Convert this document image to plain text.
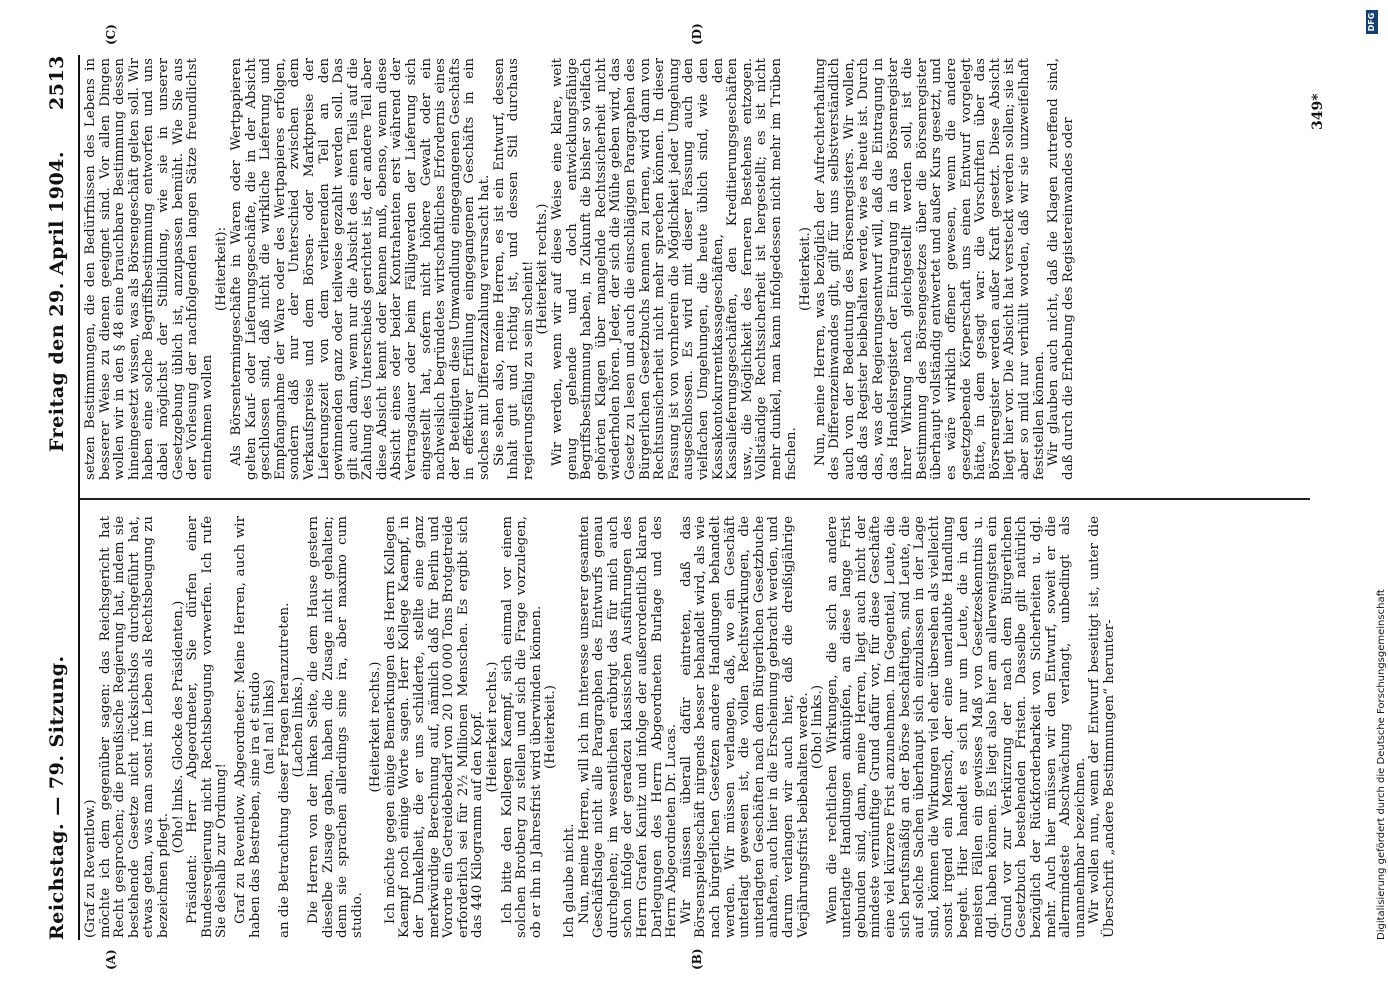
Reichstag. — 79. Sitzung.
Freitag den 29. April 1904.
2513
(A)	(B)
(C)	(D)

(Graf zu Reventlow.) möchte ich dem gegenüber sagen: das Reichsgericht hat Recht gesprochen; die preußische Regierung hat, indem sie bestehende Gesetze nicht rücksichtslos durchgeführt hat, etwas getan, was man sonst im Leben als Rechtsbeugung zu bezeichnen pflegt.

(Oho! links. Glocke des Präsidenten.) Präsident: Herr Abgeordneter, Sie dürfen einer Bundesregierung nicht Rechtsbeugung vorwerfen. Ich rufe Sie deshalb zur Ordnung! Graf zu Reventlow, Abgeordneter: Meine Herren, auch wir haben das Bestreben, sine ira et studio (na! na! links) an die Betrachtung dieser Fragen heranzutreten. (Lachen links.) Die Herren von der linken Seite, die dem Hause gestern dieselbe Zusage gaben, haben die Zusage nicht gehalten; denn sie sprachen allerdings sine ira, aber maximo cum studio.

(Heiterkeit rechts.) Ich möchte gegen einige Bemerkungen des Herrn Kollegen Kaempf noch einige Worte sagen. Herr Kollege Kaempf, in der Dunkelheit, die er uns schilderte, stellte eine ganz merkwürdige Berechnung auf, nämlich daß für Berlin und Vororte ein Getreidebedarf von 20 100 000 Tons Brotgetreide erforderlich sei für 2½ Millionen Menschen. Es ergibt sich das 440 Kilogramm auf den Kopf. (Heiterkeit rechts.) Ich bitte den Kollegen Kaempf, sich einmal vor einem solchen Brotberg zu stellen und sich die Frage vorzulegen, ob er ihn in Jahresfrist wird überwinden können. (Heiterkeit.)

Ich glaube nicht. Nun, meine Herren, will ich im Interesse unserer gesamten Geschäftslage nicht alle Paragraphen des Entwurfs genau durchgehen; im wesentlichen erübrigt das für mich auch schon infolge der geradezu klassischen Ausführungen des Herrn Grafen Kanitz und infolge der außerordentlich klaren Darlegungen des Herrn Abgeordneten Burlage und des Herrn Abgeordneten Dr. Lucas. Wir müssen überall dafür eintreten, daß das Börsenspielgeschäft nirgends besser behandelt wird, als wie nach bürgerlichen Gesetzen andere Handlungen behandelt werden. Wir müssen verlangen, daß, wo ein Geschäft unterlagt gewesen ist, die vollen Rechtswirkungen, die unterlagten Geschäften nach dem Bürgerlichen Gesetzbuche anhaften, auch hier in die Erscheinung gebracht werden, und darum verlangen wir auch hier, daß die dreißigjährige Verjährungsfrist beibehalten werde. (Oho! links.) Wenn die rechtlichen Wirkungen, die sich an andere unterlagte Handlungen anknüpfen, an diese lange Frist gebunden sind, dann, meine Herren, liegt auch nicht der mindeste vernünftige Grund dafür vor, für diese Geschäfte eine viel kürzere Frist anzunehmen. Im Gegenteil, Leute, die sich berufsmäßig an der Börse beschäftigen, sind Leute, die auf solche Sachen überhaupt sich einzulassen in der Lage sind, können die Wirkungen viel eher übersehen als vielleicht sonst irgend ein Mensch, der eine unerlaubte Handlung begeht. Hier handelt es sich nur um Leute, die in den meisten Fällen ein gewisses Maß von Gesetzeskenntnis u. dgl. haben können. Es liegt also hier am allerwenigsten ein Grund vor zur Verkürzung der nach dem Bürgerlichen Gesetzbuch bestehenden Fristen. Dasselbe gilt natürlich bezüglich der Rückforderbarkeit von Sicherheiten u. dgl. mehr. Auch hier müssen wir den Entwurf, soweit er die allermindeste Abschwächung verlangt, unbedingt als unannehmbar bezeichnen. Wir wollen nun, wenn der Entwurf beseitigt ist, unter die Überschrift „andere Bestimmungen“ herunter-

setzen Bestimmungen, die den Bedürfnissen des Lebens in besserer Weise zu dienen geeignet sind. Vor allen Dingen wollen wir in den § 48 eine brauchbare Bestimmung dessen hineingesetzt wissen, was als Börsengeschäft gelten soll. Wir haben eine solche Begriffsbestimmung entworfen und uns dabei möglichst der Stilbildung, wie sie in unserer Gesetzgebung üblich ist, anzupassen bemüht. Wie Sie aus der Vorlesung der nachfolgenden langen Sätze freundlichst entnehmen wollen

(Heiterkeit): Als Börsentermingeschäfte in Waren oder Wertpapieren gelten Kauf- oder Lieferungsgeschäfte, die in der Absicht geschlossen sind, daß nicht die wirkliche Lieferung und Empfangnahme der Ware oder des Wertpapieres erfolgen, sondern daß nur der Unterschied zwischen dem Verkaufspreise und dem Börsen- oder Marktpreise der Lieferungszeit von dem verlierenden Teil an den gewinnenden ganz oder teilweise gezahlt werden soll. Das gilt auch dann, wenn nur die Absicht des einen Teils auf die Zahlung des Unterschieds gerichtet ist, der andere Teil aber diese Absicht kennt oder kennen muß, ebenso, wenn diese Absicht eines oder beider Kontrahenten erst während der Vertragsdauer oder beim Fälligwerden der Lieferung sich eingestellt hat, sofern nicht höhere Gewalt oder ein nachweislich begründetes wirtschaftliches Erfordernis eines der Beteiligten diese Umwandlung eingegangenen Geschäfts in effektiver Erfüllung eingegangenen Geschäfts in ein solches mit Differenzzahlung verursacht hat. Sie sehen also, meine Herren, es ist ein Entwurf, dessen Inhalt gut und richtig ist, und dessen Stil durchaus regierungsfähig zu sein scheint! (Heiterkeit rechts.) Wir werden, wenn wir auf diese Weise eine klare, weit genug gehende und doch entwicklungsfähige Begriffsbestimmung haben, in Zukunft die bisher so vielfach gehörten Klagen über mangelnde Rechtssicherheit nicht wiederholen hören. Jeder, der sich die Mühe geben wird, das Gesetz zu lesen und auch die einschlägigen Paragraphen des Bürgerlichen Gesetzbuchs kennen zu lernen, wird dann von Rechtsunsicherheit nicht mehr sprechen können. In dieser Fassung ist von vornherein die Möglichkeit jeder Umgehung ausgeschlossen. Es wird mit dieser Fassung auch den vielfachen Umgehungen, die heute üblich sind, wie den Kassakontokurrentkassageschäften, den Kassalieferungsgeschäften, den Kreditierungsgeschäften usw., die Möglichkeit des ferneren Bestehens entzogen. Vollständige Rechtssicherheit ist hergestellt; es ist nicht mehr dunkel, man kann infolgedessen nicht mehr im Trüben fischen.

(Heiterkeit.) Nun, meine Herren, was bezüglich der Aufrechterhaltung des Differenzeinwandes gilt, gilt für uns selbstverständlich auch von der Bedeutung des Börsenregisters. Wir wollen, daß das Register beibehalten werde, wie es heute ist. Durch das, was der Regierungsentwurf will, daß die Eintragung in das Handelsregister der Eintragung in das Börsenregister ihrer Wirkung nach gleichgestellt werden soll, ist die Bestimmung des Börsengesetzes über die Börsenregister überhaupt vollständig entwertet und außer Kurs gesetzt, und es wäre wirklich offener gewesen, wenn die andere gesetzgebende Körperschaft uns einen Entwurf vorgelegt hätte, in dem gesagt war: die Vorschriften über das Börsenregister werden außer Kraft gesetzt. Diese Absicht liegt hier vor. Die Absicht hat versteckt werden sollen; sie ist aber so mild nur verhüllt worden, daß wir sie unzweifelhaft feststellen können. Wir glauben auch nicht, daß die Klagen zutreffend sind, daß durch die Erhebung des Registereinwandes oder

349*
DFG
Digitalisierung gefördert durch die Deutsche Forschungsgemeinschaft
